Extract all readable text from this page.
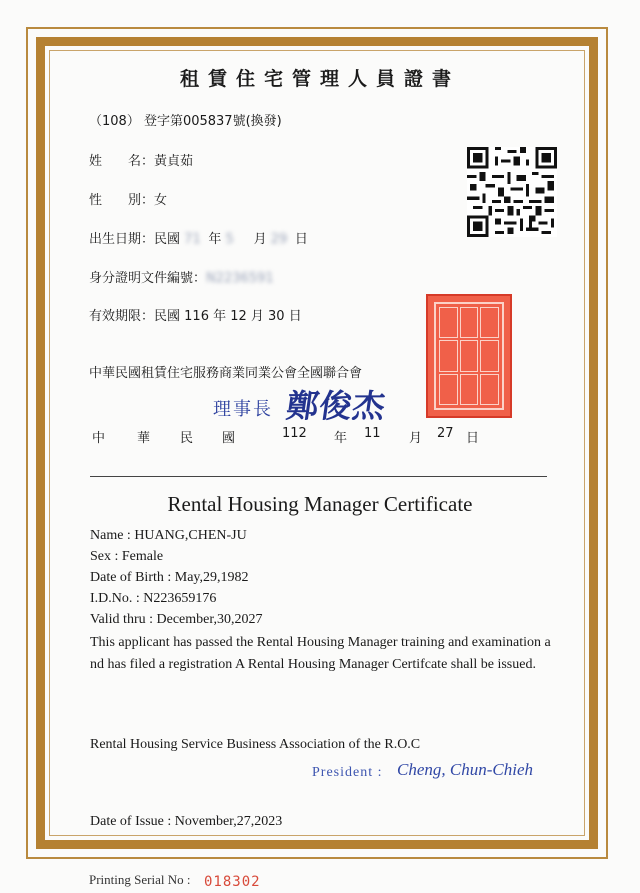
租賃住宅管理人員證書
（108） 登字第005837號(換發)
姓　　名：黃貞茹
性　　別：女
出生日期：民國 71 年 5 月 29 日
身分證明文件編號：N2236591
有效期限：民國 116 年 12 月 30 日
中華民國租賃住宅服務商業同業公會全國聯合會
理事長 鄭俊杰
中 華 民 國	112 年 11 月 27 日
Rental Housing Manager Certificate
Name : HUANG,CHEN-JU
Sex : Female
Date of Birth : May,29,1982
I.D.No. : N223659176
Valid thru : December,30,2027
This applicant has passed the Rental Housing Manager training and examination and has filed a registration A Rental Housing Manager Certifcate shall be issued.
Rental Housing Service Business Association of the R.O.C
President : Cheng, Chun-Chieh
Date of Issue : November,27,2023
Printing Serial No : 018302
